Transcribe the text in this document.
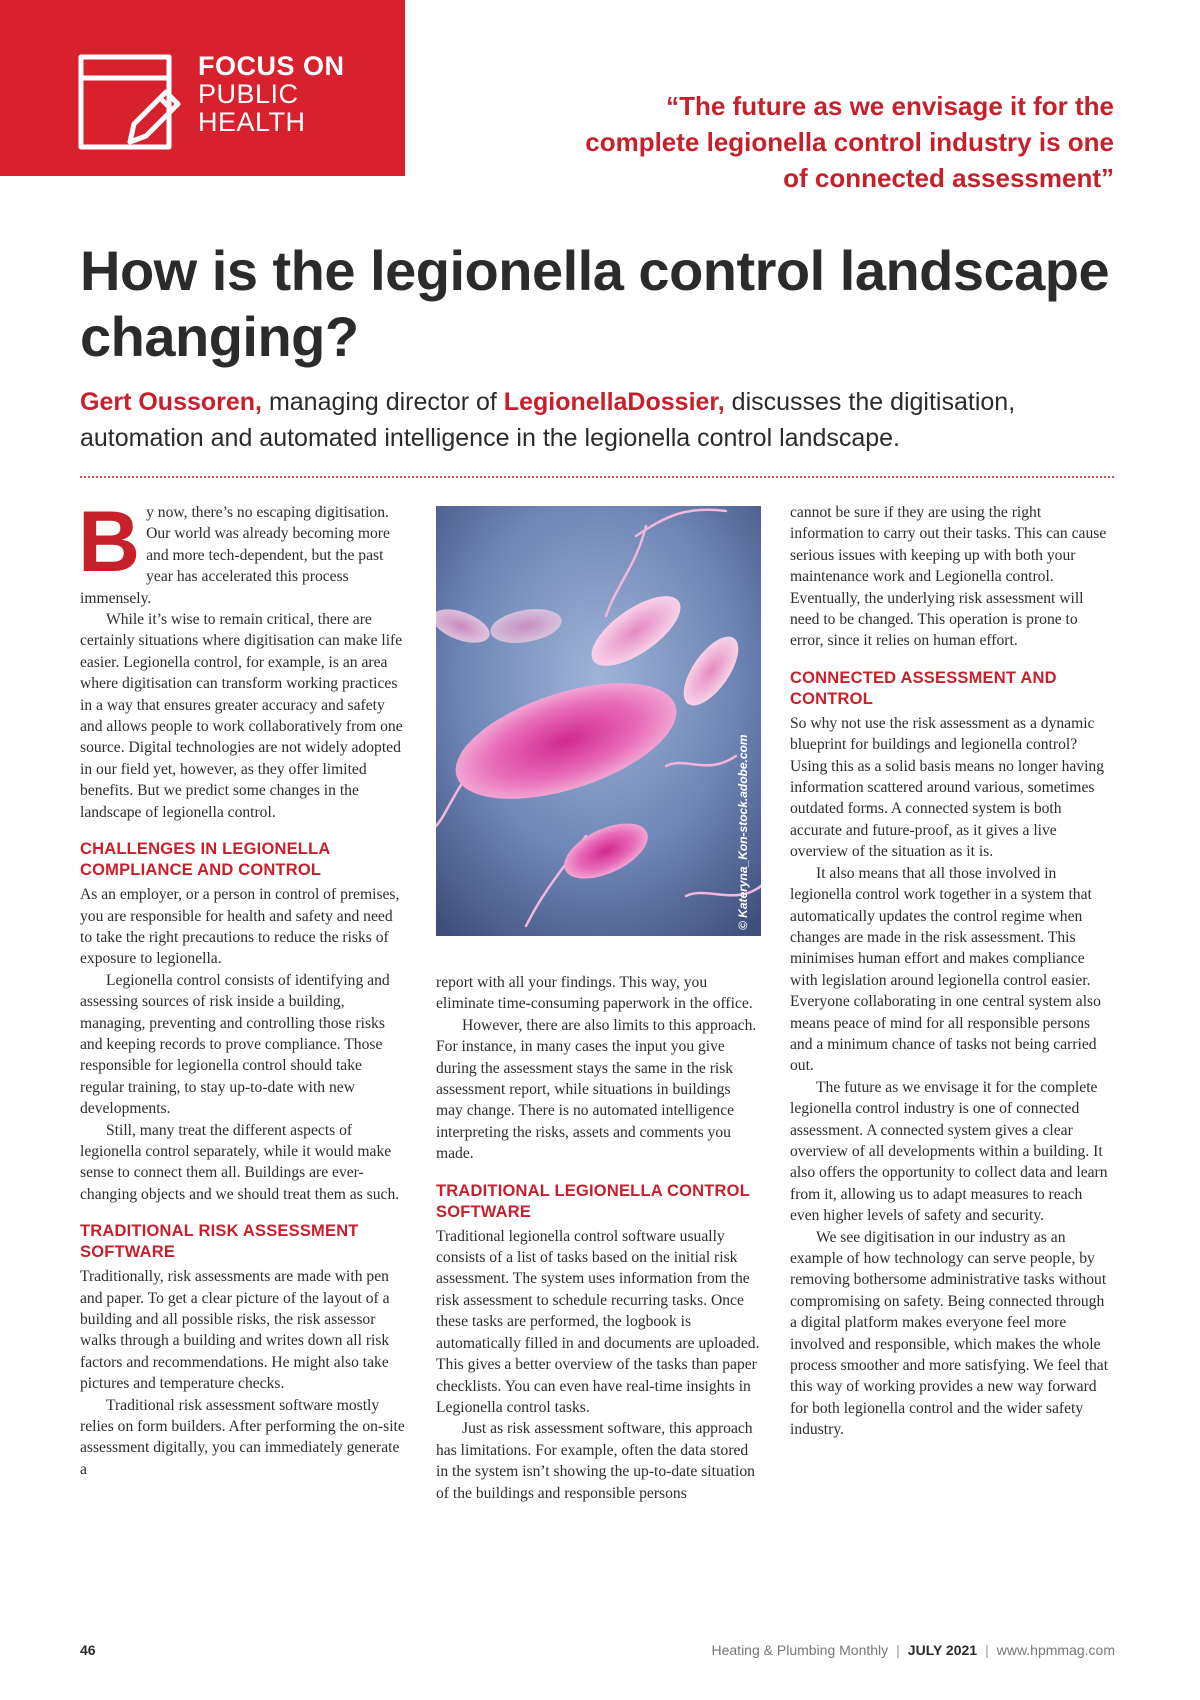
FOCUS ON
PUBLIC HEALTH
“The future as we envisage it for the complete legionella control industry is one of connected assessment”
How is the legionella control landscape changing?
Gert Oussoren, managing director of LegionellaDossier, discusses the digitisation, automation and automated intelligence in the legionella control landscape.

By now, there’s no escaping digitisation. Our world was already becoming more and more tech-dependent, but the past year has accelerated this process immensely.

While it’s wise to remain critical, there are certainly situations where digitisation can make life easier. Legionella control, for example, is an area where digitisation can transform working practices in a way that ensures greater accuracy and safety and allows people to work collaboratively from one source. Digital technologies are not widely adopted in our field yet, however, as they offer limited benefits. But we predict some changes in the landscape of legionella control.

CHALLENGES IN LEGIONELLA COMPLIANCE AND CONTROL

As an employer, or a person in control of premises, you are responsible for health and safety and need to take the right precautions to reduce the risks of exposure to legionella.

Legionella control consists of identifying and assessing sources of risk inside a building, managing, preventing and controlling those risks and keeping records to prove compliance. Those responsible for legionella control should take regular training, to stay up-to-date with new developments.

Still, many treat the different aspects of legionella control separately, while it would make sense to connect them all. Buildings are ever-changing objects and we should treat them as such.

TRADITIONAL RISK ASSESSMENT SOFTWARE

Traditionally, risk assessments are made with pen and paper. To get a clear picture of the layout of a building and all possible risks, the risk assessor walks through a building and writes down all risk factors and recommendations. He might also take pictures and temperature checks.

Traditional risk assessment software mostly relies on form builders. After performing the on-site assessment digitally, you can immediately generate a

© Kateryna_Kon-stock.adobe.com

report with all your findings. This way, you eliminate time-consuming paperwork in the office.

However, there are also limits to this approach. For instance, in many cases the input you give during the assessment stays the same in the risk assessment report, while situations in buildings may change. There is no automated intelligence interpreting the risks, assets and comments you made.

TRADITIONAL LEGIONELLA CONTROL SOFTWARE

Traditional legionella control software usually consists of a list of tasks based on the initial risk assessment. The system uses information from the risk assessment to schedule recurring tasks. Once these tasks are performed, the logbook is automatically filled in and documents are uploaded. This gives a better overview of the tasks than paper checklists. You can even have real-time insights in Legionella control tasks.

Just as risk assessment software, this approach has limitations. For example, often the data stored in the system isn’t showing the up-to-date situation of the buildings and responsible persons

cannot be sure if they are using the right information to carry out their tasks. This can cause serious issues with keeping up with both your maintenance work and Legionella control. Eventually, the underlying risk assessment will need to be changed. This operation is prone to error, since it relies on human effort.

CONNECTED ASSESSMENT AND CONTROL

So why not use the risk assessment as a dynamic blueprint for buildings and legionella control? Using this as a solid basis means no longer having information scattered around various, sometimes outdated forms. A connected system is both accurate and future-proof, as it gives a live overview of the situation as it is.

It also means that all those involved in legionella control work together in a system that automatically updates the control regime when changes are made in the risk assessment. This minimises human effort and makes compliance with legislation around legionella control easier. Everyone collaborating in one central system also means peace of mind for all responsible persons and a minimum chance of tasks not being carried out.

The future as we envisage it for the complete legionella control industry is one of connected assessment. A connected system gives a clear overview of all developments within a building. It also offers the opportunity to collect data and learn from it, allowing us to adapt measures to reach even higher levels of safety and security.

We see digitisation in our industry as an example of how technology can serve people, by removing bothersome administrative tasks without compromising on safety. Being connected through a digital platform makes everyone feel more involved and responsible, which makes the whole process smoother and more satisfying. We feel that this way of working provides a new way forward for both legionella control and the wider safety industry.

46	Heating & Plumbing Monthly | JULY 2021 | www.hpmmag.com
